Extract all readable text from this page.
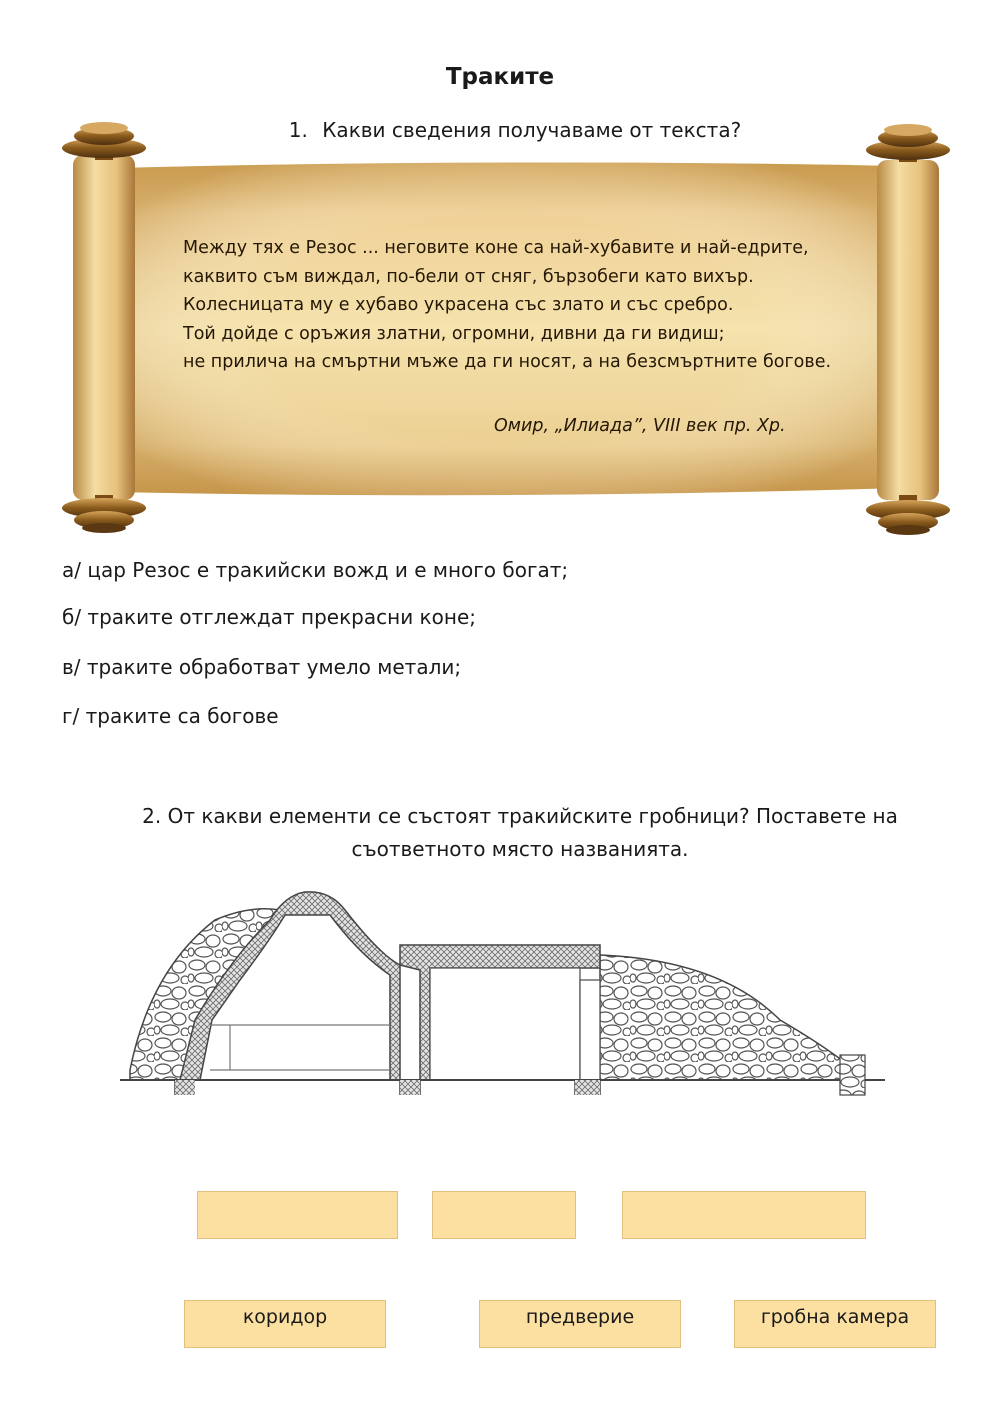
Траките
1. Какви сведения получаваме от текста?
Между тях е Резос ... неговите коне са най-хубавите и най-едрите,
каквито съм виждал, по-бели от сняг, бързобеги като вихър.
Колесницата му е хубаво украсена със злато и със сребро.
Той дойде с оръжия златни, огромни, дивни да ги видиш;
не прилича на смъртни мъже да ги носят, а на безсмъртните богове.
Омир, „Илиада”, VIII век пр. Хр.
а/ цар Резос е тракийски вожд и е много богат;
б/ траките отглеждат прекрасни коне;
в/ траките обработват умело метали;
г/ траките са богове
2. От какви елементи се състоят тракийските гробници? Поставете на
съответното място названията.
коридор	предверие	гробна камера
